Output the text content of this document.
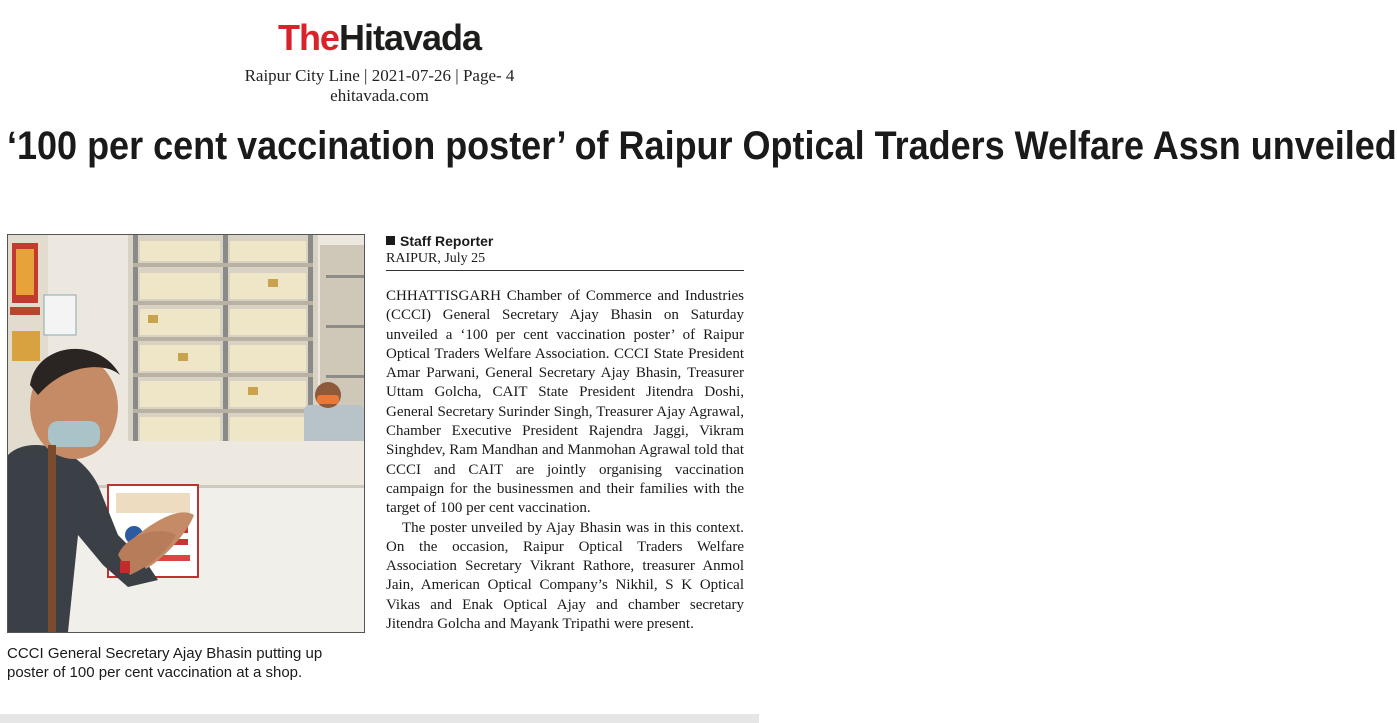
TheHitavada
Raipur City Line | 2021-07-26 | Page- 4
ehitavada.com
‘100 per cent vaccination poster’ of Raipur Optical Traders Welfare Assn unveiled
CCCI General Secretary Ajay Bhasin putting up poster of 100 per cent vaccination at a shop.
Staff Reporter
RAIPUR, July 25

CHHATTISGARH Chamber of Commerce and Industries (CCCI) General Secretary Ajay Bhasin on Saturday unveiled a ‘100 per cent vaccination poster’ of Raipur Optical Traders Welfare Association. CCCI State President Amar Parwani, General Secretary Ajay Bhasin, Treasurer Uttam Golcha, CAIT State President Jitendra Doshi, General Secretary Surinder Singh, Treasurer Ajay Agrawal, Chamber Executive President Rajendra Jaggi, Vikram Singhdev, Ram Mandhan and Manmohan Agrawal told that CCCI and CAIT are jointly organising vaccination campaign for the businessmen and their families with the target of 100 per cent vaccination.

The poster unveiled by Ajay Bhasin was in this context. On the occasion, Raipur Optical Traders Welfare Association Secretary Vikrant Rathore, treasurer Anmol Jain, American Optical Company’s Nikhil, S K Optical Vikas and Enak Optical Ajay and chamber secretary Jitendra Golcha and Mayank Tripathi were present.
